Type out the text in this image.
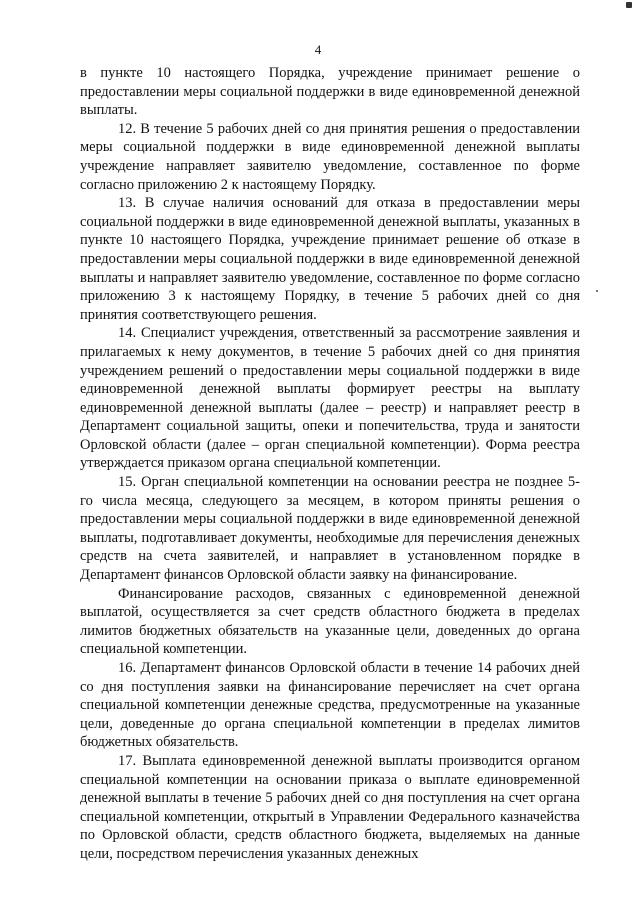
4

в пункте 10 настоящего Порядка, учреждение принимает решение о предоставлении меры социальной поддержки в виде единовременной денежной выплаты.

12. В течение 5 рабочих дней со дня принятия решения о предоставлении меры социальной поддержки в виде единовременной денежной выплаты учреждение направляет заявителю уведомление, составленное по форме согласно приложению 2 к настоящему Порядку.

13. В случае наличия оснований для отказа в предоставлении меры социальной поддержки в виде единовременной денежной выплаты, указанных в пункте 10 настоящего Порядка, учреждение принимает решение об отказе в предоставлении меры социальной поддержки в виде единовременной денежной выплаты и направляет заявителю уведомление, составленное по форме согласно приложению 3 к настоящему Порядку, в течение 5 рабочих дней со дня принятия соответствующего решения.

14. Специалист учреждения, ответственный за рассмотрение заявления и прилагаемых к нему документов, в течение 5 рабочих дней со дня принятия учреждением решений о предоставлении меры социальной поддержки в виде единовременной денежной выплаты формирует реестры на выплату единовременной денежной выплаты (далее – реестр) и направляет реестр в Департамент социальной защиты, опеки и попечительства, труда и занятости Орловской области (далее – орган специальной компетенции). Форма реестра утверждается приказом органа специальной компетенции.

15. Орган специальной компетенции на основании реестра не позднее 5-го числа месяца, следующего за месяцем, в котором приняты решения о предоставлении меры социальной поддержки в виде единовременной денежной выплаты, подготавливает документы, необходимые для перечисления денежных средств на счета заявителей, и направляет в установленном порядке в Департамент финансов Орловской области заявку на финансирование.

Финансирование расходов, связанных с единовременной денежной выплатой, осуществляется за счет средств областного бюджета в пределах лимитов бюджетных обязательств на указанные цели, доведенных до органа специальной компетенции.

16. Департамент финансов Орловской области в течение 14 рабочих дней со дня поступления заявки на финансирование перечисляет на счет органа специальной компетенции денежные средства, предусмотренные на указанные цели, доведенные до органа специальной компетенции в пределах лимитов бюджетных обязательств.

17. Выплата единовременной денежной выплаты производится органом специальной компетенции на основании приказа о выплате единовременной денежной выплаты в течение 5 рабочих дней со дня поступления на счет органа специальной компетенции, открытый в Управлении Федерального казначейства по Орловской области, средств областного бюджета, выделяемых на данные цели, посредством перечисления указанных денежных
